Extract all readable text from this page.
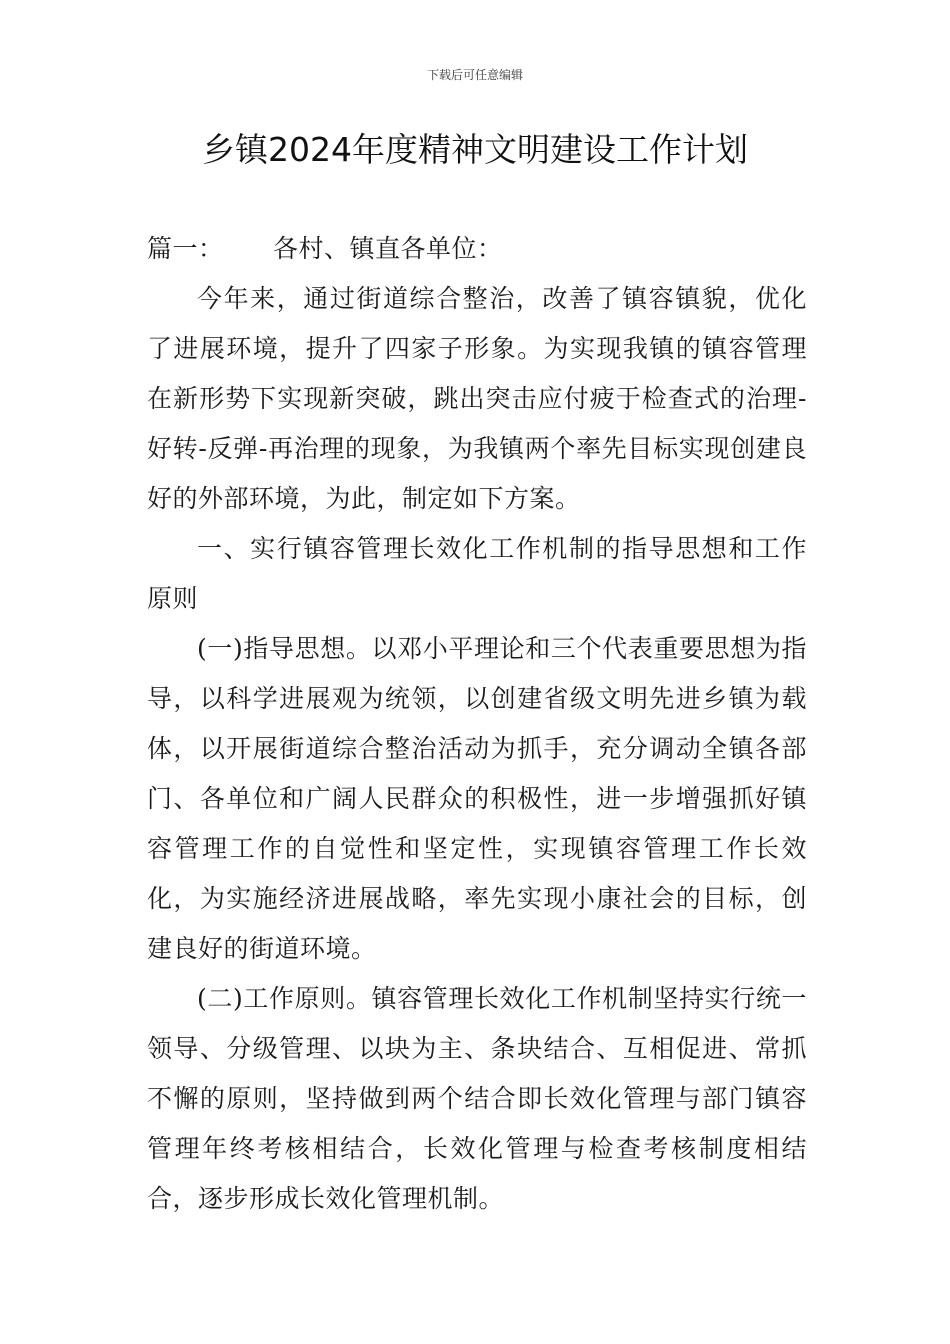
下载后可任意编辑
乡镇2024年度精神文明建设工作计划

篇一： 各村、镇直各单位：

今年来，通过街道综合整治，改善了镇容镇貌，优化了进展环境，提升了四家子形象。为实现我镇的镇容管理在新形势下实现新突破，跳出突击应付疲于检查式的治理-好转-反弹-再治理的现象，为我镇两个率先目标实现创建良好的外部环境，为此，制定如下方案。

一、实行镇容管理长效化工作机制的指导思想和工作原则

(一)指导思想。以邓小平理论和三个代表重要思想为指导，以科学进展观为统领，以创建省级文明先进乡镇为载体，以开展街道综合整治活动为抓手，充分调动全镇各部门、各单位和广阔人民群众的积极性，进一步增强抓好镇容管理工作的自觉性和坚定性，实现镇容管理工作长效化，为实施经济进展战略，率先实现小康社会的目标，创建良好的街道环境。

(二)工作原则。镇容管理长效化工作机制坚持实行统一领导、分级管理、以块为主、条块结合、互相促进、常抓不懈的原则，坚持做到两个结合即长效化管理与部门镇容管理年终考核相结合，长效化管理与检查考核制度相结合，逐步形成长效化管理机制。
